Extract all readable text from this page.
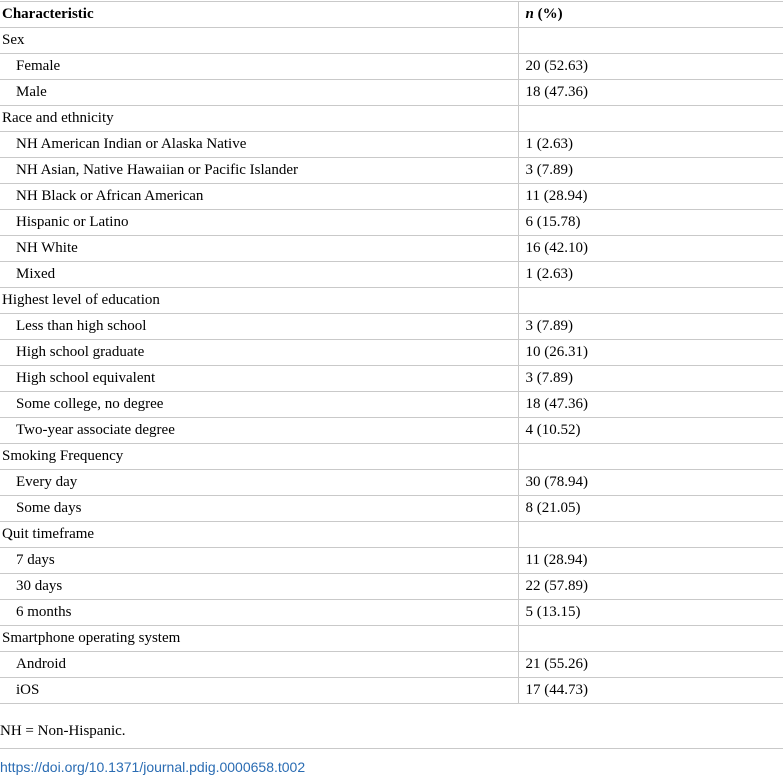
Characteristic	n (%)
Sex	
Female	20 (52.63)
Male	18 (47.36)
Race and ethnicity	
NH American Indian or Alaska Native	1 (2.63)
NH Asian, Native Hawaiian or Pacific Islander	3 (7.89)
NH Black or African American	11 (28.94)
Hispanic or Latino	6 (15.78)
NH White	16 (42.10)
Mixed	1 (2.63)
Highest level of education	
Less than high school	3 (7.89)
High school graduate	10 (26.31)
High school equivalent	3 (7.89)
Some college, no degree	18 (47.36)
Two-year associate degree	4 (10.52)
Smoking Frequency	
Every day	30 (78.94)
Some days	8 (21.05)
Quit timeframe	
7 days	11 (28.94)
30 days	22 (57.89)
6 months	5 (13.15)
Smartphone operating system	
Android	21 (55.26)
iOS	17 (44.73)
NH = Non-Hispanic.
https://doi.org/10.1371/journal.pdig.0000658.t002
